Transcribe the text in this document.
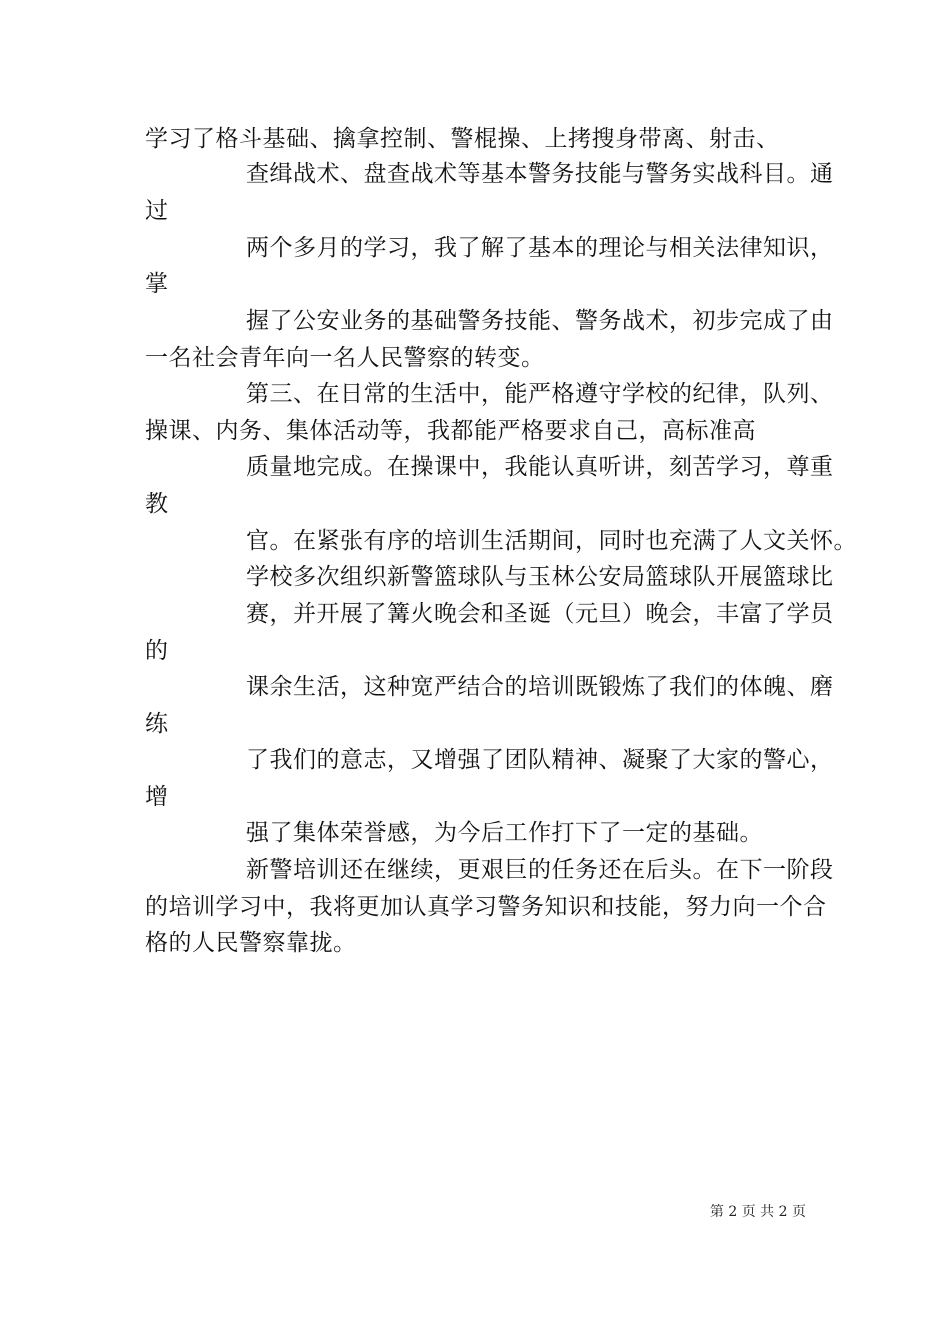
学习了格斗基础、擒拿控制、警棍操、上拷搜身带离、射击、
查缉战术、盘查战术等基本警务技能与警务实战科目。通
过
两个多月的学习，我了解了基本的理论与相关法律知识，
掌
握了公安业务的基础警务技能、警务战术，初步完成了由
一名社会青年向一名人民警察的转变。
第三、在日常的生活中，能严格遵守学校的纪律，队列、
操课、内务、集体活动等，我都能严格要求自己，高标准高
质量地完成。在操课中，我能认真听讲，刻苦学习，尊重
教
官。在紧张有序的培训生活期间，同时也充满了人文关怀。
学校多次组织新警篮球队与玉林公安局篮球队开展篮球比
赛，并开展了篝火晚会和圣诞（元旦）晚会，丰富了学员
的
课余生活，这种宽严结合的培训既锻炼了我们的体魄、磨
练
了我们的意志，又增强了团队精神、凝聚了大家的警心，
增
强了集体荣誉感，为今后工作打下了一定的基础。
新警培训还在继续，更艰巨的任务还在后头。在下一阶段
的培训学习中，我将更加认真学习警务知识和技能，努力向一个合
格的人民警察靠拢。
第 2 页 共 2 页
